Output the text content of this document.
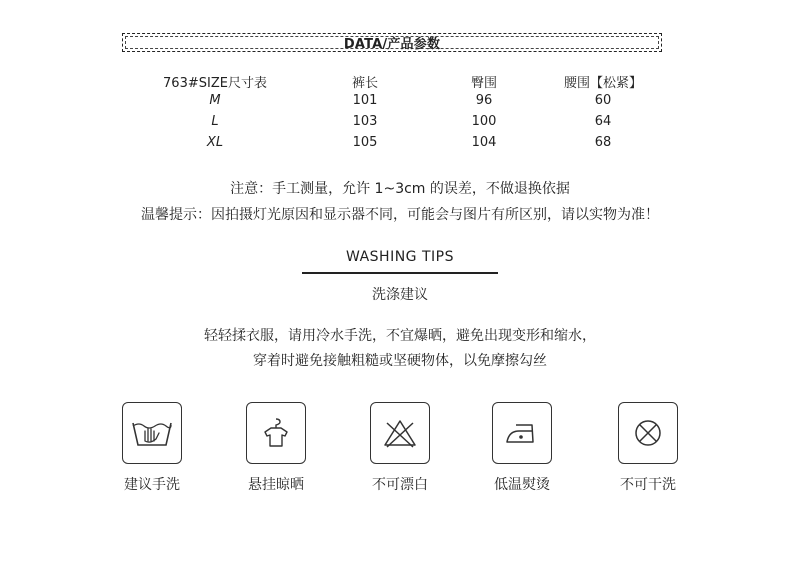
DATA/产品参数
763#SIZE尺寸表	裤长	臀围	腰围【松紧】
M	101	96	60
L	103	100	64
XL	105	104	68
注意：手工测量，允许 1~3cm 的误差，不做退换依据
温馨提示：因拍摄灯光原因和显示器不同，可能会与图片有所区别，请以实物为准！
WASHING TIPS
洗涤建议
轻轻揉衣服，请用冷水手洗，不宜爆晒，避免出现变形和缩水，
穿着时避免接触粗糙或坚硬物体，以免摩擦勾丝
建议手洗	悬挂晾晒	不可漂白	低温熨烫	不可干洗
